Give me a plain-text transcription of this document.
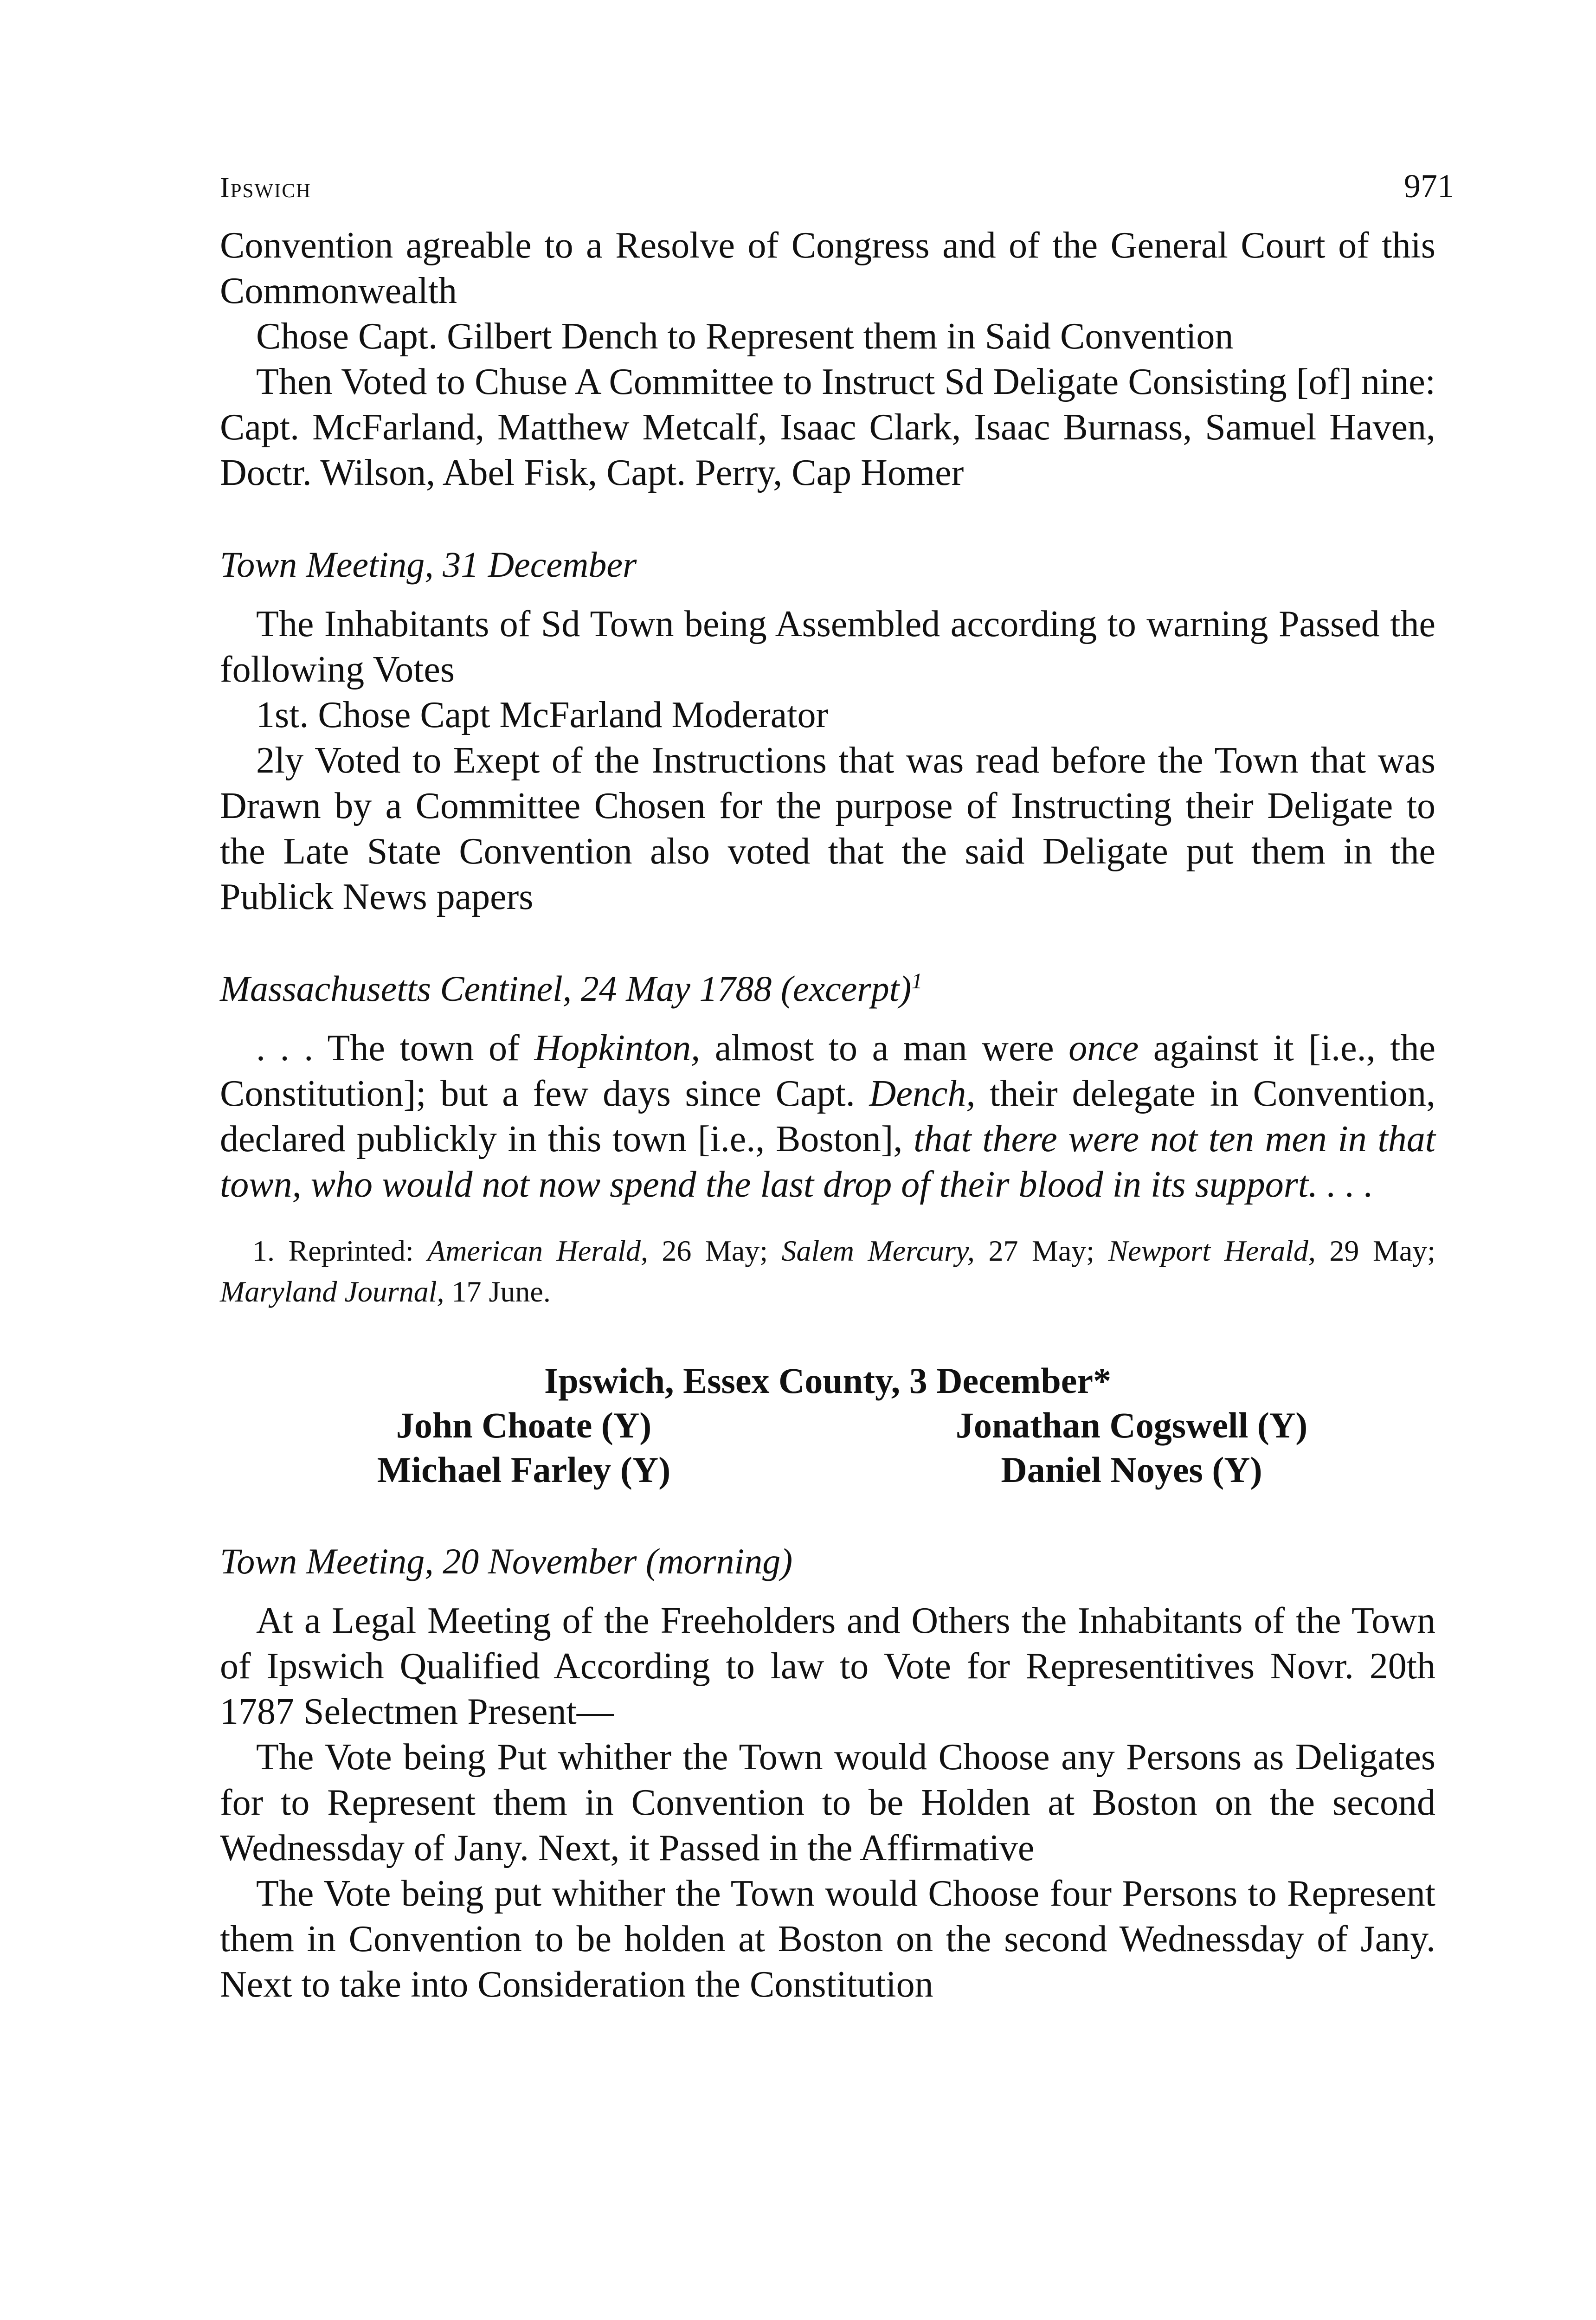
Ipswich	971

Convention agreable to a Resolve of Congress and of the General Court of this Commonwealth

Chose Capt. Gilbert Dench to Represent them in Said Convention

Then Voted to Chuse A Committee to Instruct Sd Deligate Consisting [of] nine: Capt. McFarland, Matthew Metcalf, Isaac Clark, Isaac Burnass, Samuel Haven, Doctr. Wilson, Abel Fisk, Capt. Perry, Cap Homer

Town Meeting, 31 December

The Inhabitants of Sd Town being Assembled according to warning Passed the following Votes

1st. Chose Capt McFarland Moderator

2ly Voted to Exept of the Instructions that was read before the Town that was Drawn by a Committee Chosen for the purpose of Instructing their Deligate to the Late State Convention also voted that the said Deligate put them in the Publick News papers

Massachusetts Centinel, 24 May 1788 (excerpt)$^1$

. . . The town of Hopkinton, almost to a man were once against it [i.e., the Constitution]; but a few days since Capt. Dench, their delegate in Convention, declared publickly in this town [i.e., Boston], that there were not ten men in that town, who would not now spend the last drop of their blood in its support. . . .

1. Reprinted: American Herald, 26 May; Salem Mercury, 27 May; Newport Herald, 29 May; Maryland Journal, 17 June.

Ipswich, Essex County, 3 December*
John Choate (Y)	Jonathan Cogswell (Y)
Michael Farley (Y)	Daniel Noyes (Y)

Town Meeting, 20 November (morning)

At a Legal Meeting of the Freeholders and Others the Inhabitants of the Town of Ipswich Qualified According to law to Vote for Representitives Novr. 20th 1787 Selectmen Present—

The Vote being Put whither the Town would Choose any Persons as Deligates for to Represent them in Convention to be Holden at Boston on the second Wednessday of Jany. Next, it Passed in the Affirmative

The Vote being put whither the Town would Choose four Persons to Represent them in Convention to be holden at Boston on the second Wednessday of Jany. Next to take into Consideration the Constitution
